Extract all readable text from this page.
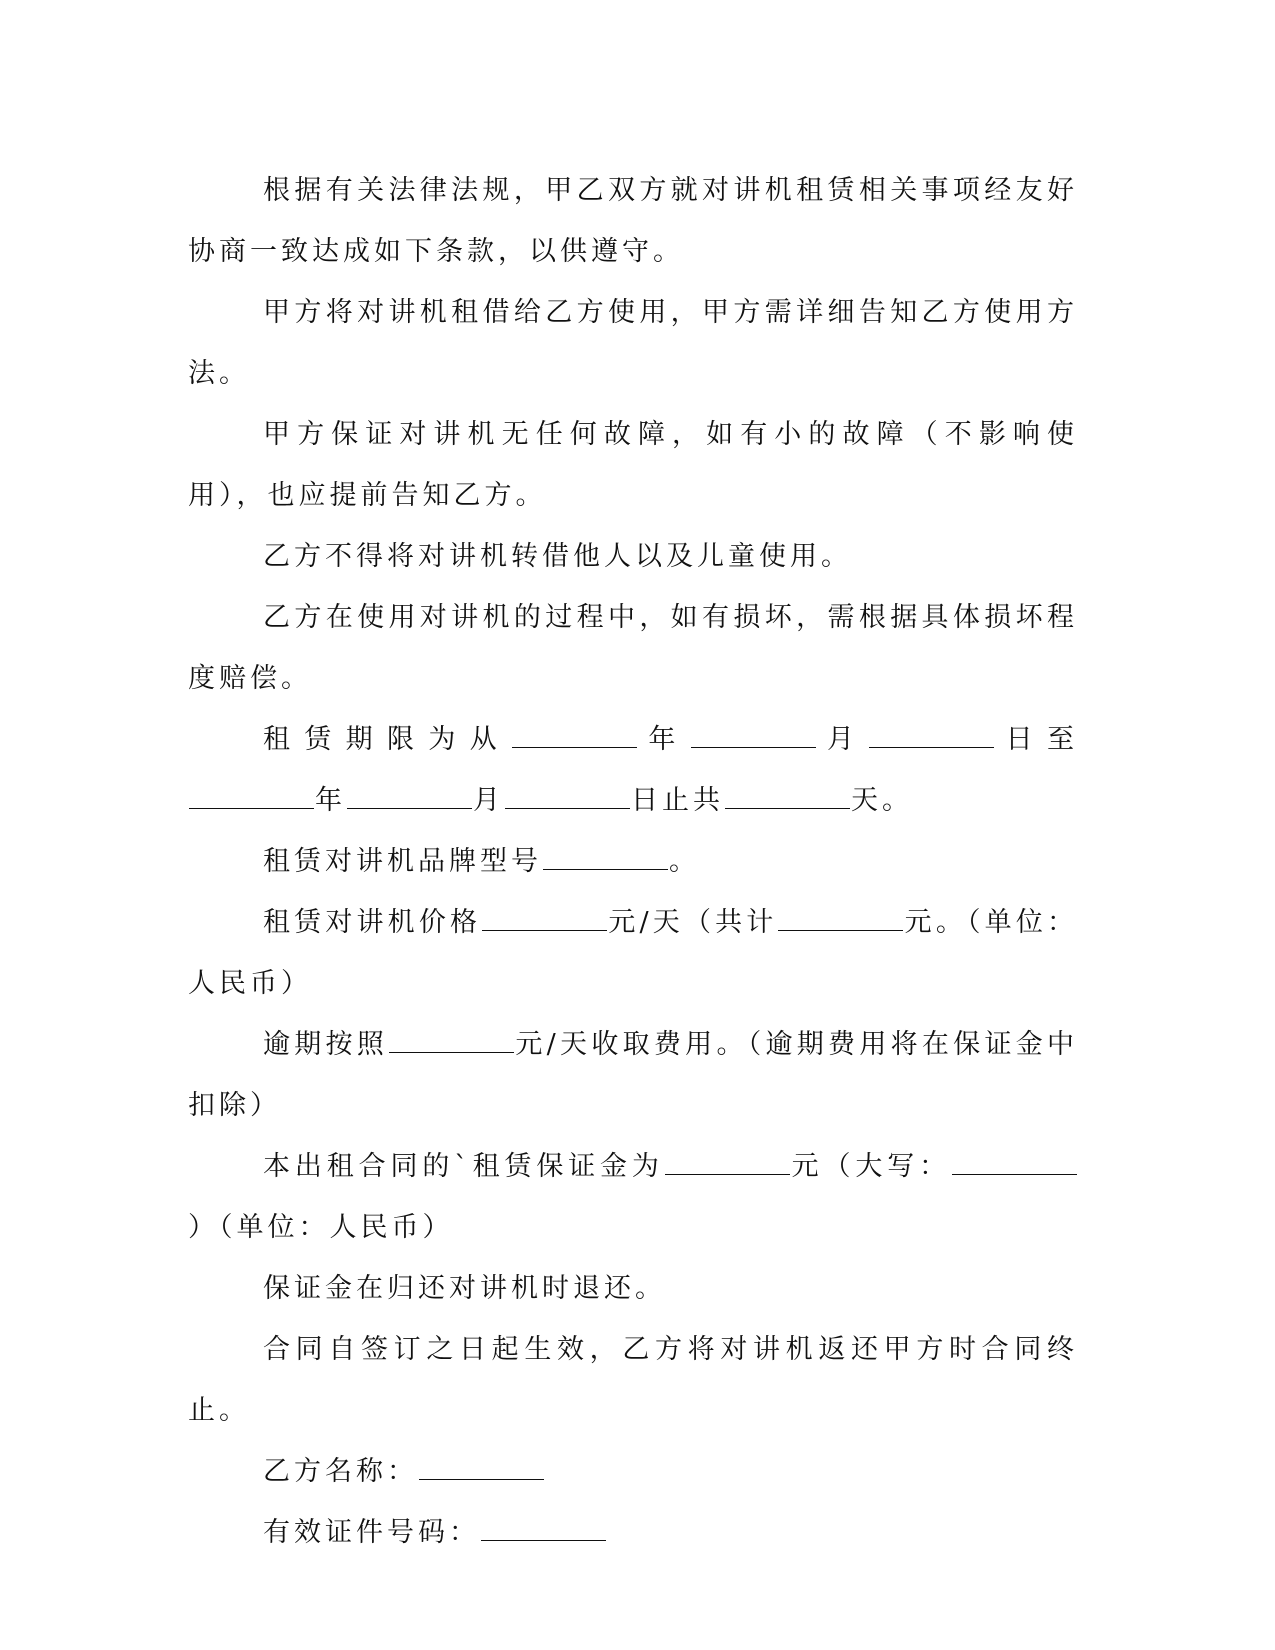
根据有关法律法规，甲乙双方就对讲机租赁相关事项经友好协商一致达成如下条款，以供遵守。

甲方将对讲机租借给乙方使用，甲方需详细告知乙方使用方法。

甲方保证对讲机无任何故障，如有小的故障（不影响使用），也应提前告知乙方。

乙方不得将对讲机转借他人以及儿童使用。

乙方在使用对讲机的过程中，如有损坏，需根据具体损坏程度赔偿。

租赁期限为从	年	月	日至年	月	日止共	天。

租赁对讲机品牌型号	。

租赁对讲机价格	元/天（共计	元。（单位：人民币）

逾期按照	元/天收取费用。（逾期费用将在保证金中扣除）

本出租合同的`租赁保证金为	元（大写：）（单位：人民币）

保证金在归还对讲机时退还。

合同自签订之日起生效，乙方将对讲机返还甲方时合同终止。

乙方名称：

有效证件号码：
